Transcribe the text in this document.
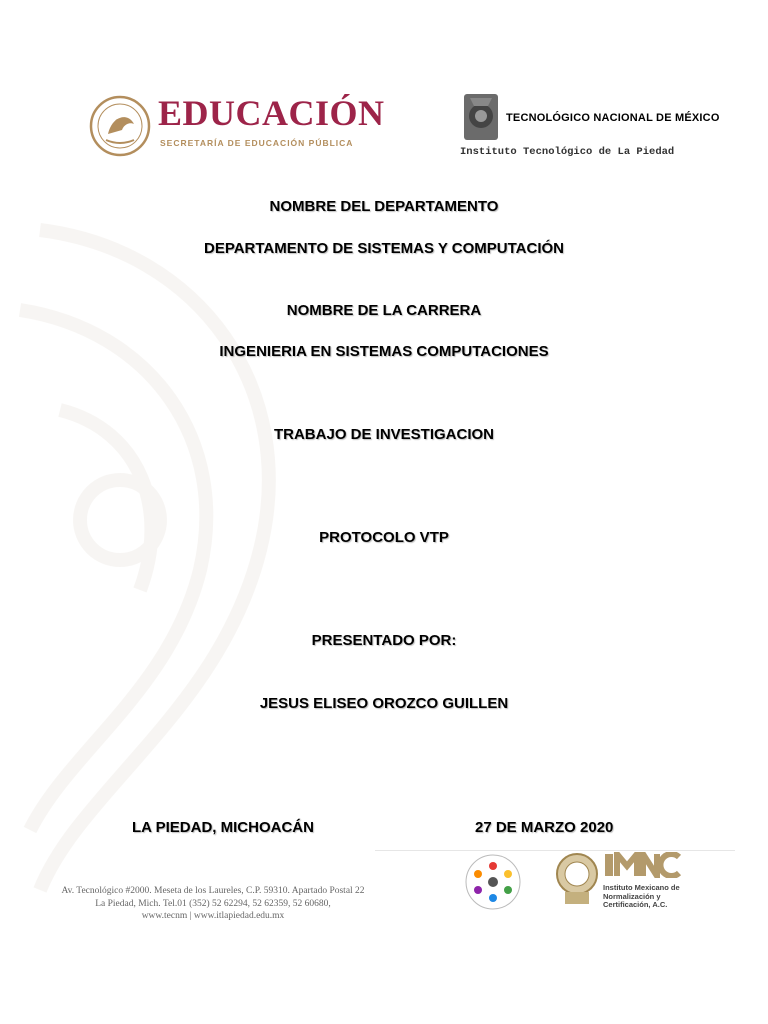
EDUCACIÓN
SECRETARÍA DE EDUCACIÓN PÚBLICA
TECNOLÓGICO NACIONAL DE MÉXICO
Instituto Tecnológico de La Piedad
NOMBRE DEL DEPARTAMENTO
DEPARTAMENTO DE SISTEMAS Y COMPUTACIÓN
NOMBRE DE LA CARRERA
INGENIERIA EN SISTEMAS COMPUTACIONES
TRABAJO DE INVESTIGACION
PROTOCOLO VTP
PRESENTADO POR:
JESUS ELISEO OROZCO GUILLEN
LA PIEDAD, MICHOACÁN	27 DE MARZO 2020
Av. Tecnológico #2000. Meseta de los Laureles, C.P. 59310. Apartado Postal 22
La Piedad, Mich. Tel.01 (352) 52 62294, 52 62359, 52 60680,
www.tecnm | www.itlapiedad.edu.mx
Instituto Mexicano de Normalización y Certificación, A.C.
